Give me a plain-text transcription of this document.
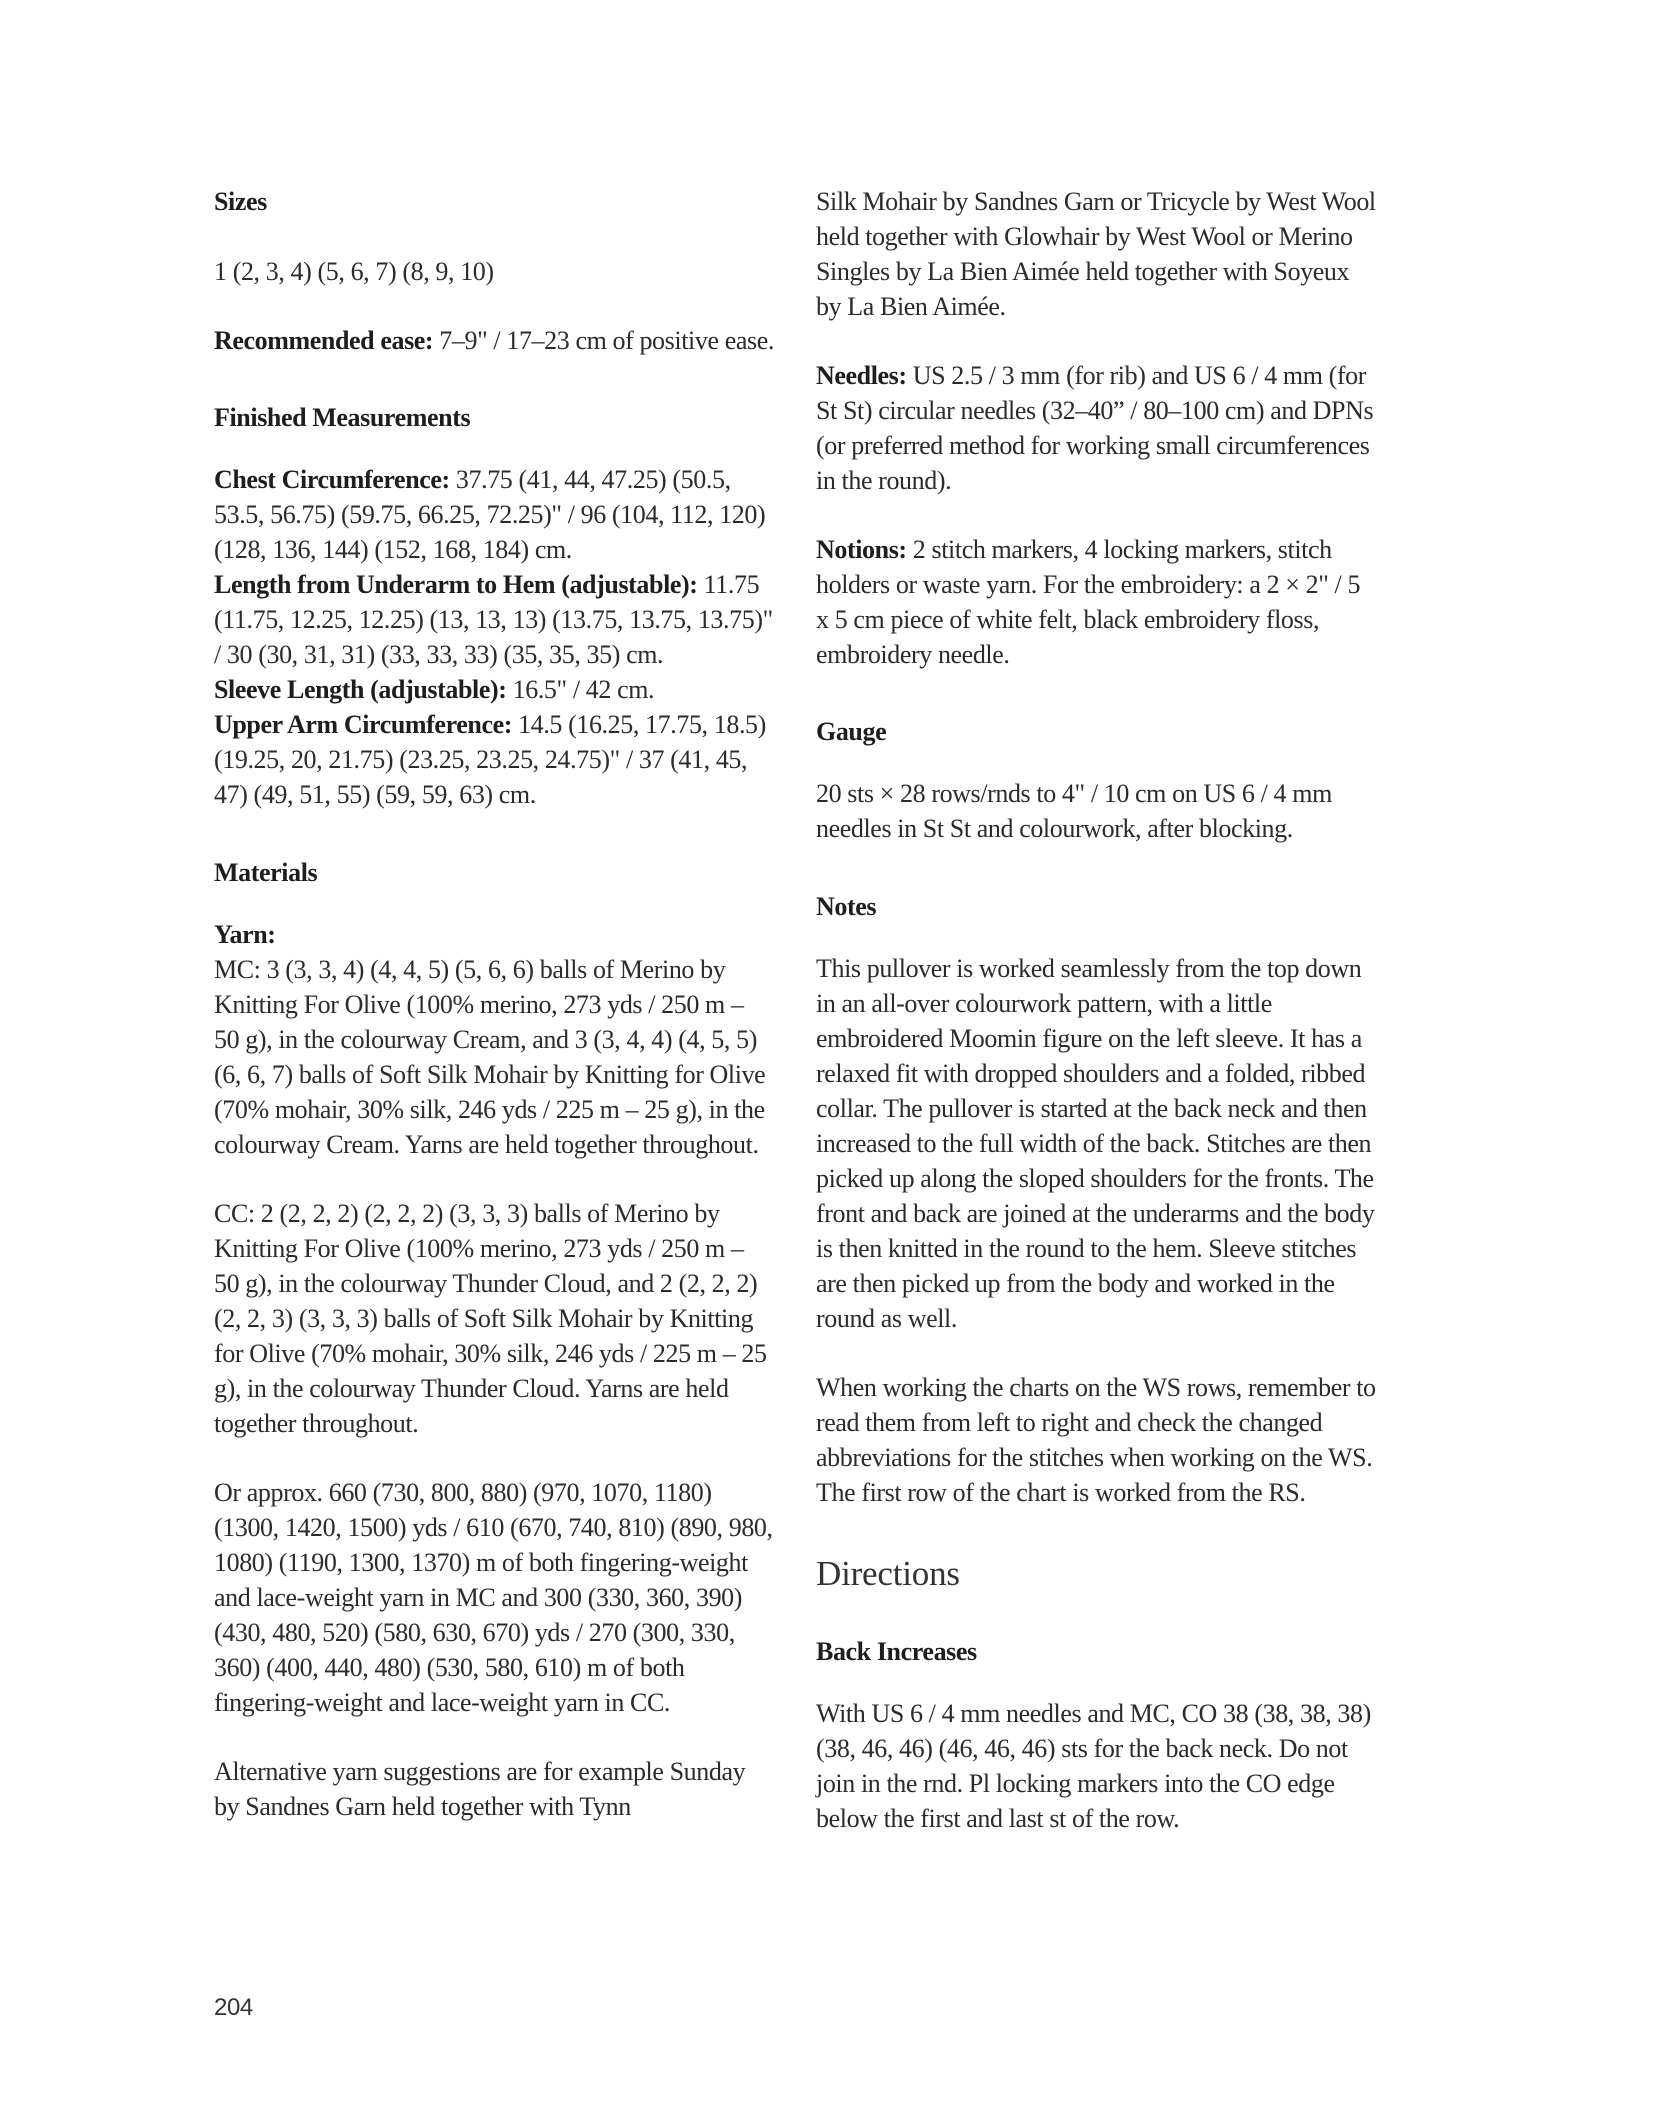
Sizes

1 (2, 3, 4) (5, 6, 7) (8, 9, 10)

Recommended ease: 7–9" / 17–23 cm of positive ease.

Finished Measurements

Chest Circumference: 37.75 (41, 44, 47.25) (50.5, 53.5, 56.75) (59.75, 66.25, 72.25)" / 96 (104, 112, 120) (128, 136, 144) (152, 168, 184) cm.

Length from Underarm to Hem (adjustable): 11.75 (11.75, 12.25, 12.25) (13, 13, 13) (13.75, 13.75, 13.75)" / 30 (30, 31, 31) (33, 33, 33) (35, 35, 35) cm.

Sleeve Length (adjustable): 16.5" / 42 cm.

Upper Arm Circumference: 14.5 (16.25, 17.75, 18.5) (19.25, 20, 21.75) (23.25, 23.25, 24.75)" / 37 (41, 45, 47) (49, 51, 55) (59, 59, 63) cm.

Materials

Yarn:

MC: 3 (3, 3, 4) (4, 4, 5) (5, 6, 6) balls of Merino by Knitting For Olive (100% merino, 273 yds / 250 m – 50 g), in the colourway Cream, and 3 (3, 4, 4) (4, 5, 5) (6, 6, 7) balls of Soft Silk Mohair by Knitting for Olive (70% mohair, 30% silk, 246 yds / 225 m – 25 g), in the colourway Cream. Yarns are held together throughout.

CC: 2 (2, 2, 2) (2, 2, 2) (3, 3, 3) balls of Merino by Knitting For Olive (100% merino, 273 yds / 250 m – 50 g), in the colourway Thunder Cloud, and 2 (2, 2, 2) (2, 2, 3) (3, 3, 3) balls of Soft Silk Mohair by Knitting for Olive (70% mohair, 30% silk, 246 yds / 225 m – 25 g), in the colourway Thunder Cloud. Yarns are held together throughout.

Or approx. 660 (730, 800, 880) (970, 1070, 1180) (1300, 1420, 1500) yds / 610 (670, 740, 810) (890, 980, 1080) (1190, 1300, 1370) m of both fingering-weight and lace-weight yarn in MC and 300 (330, 360, 390) (430, 480, 520) (580, 630, 670) yds / 270 (300, 330, 360) (400, 440, 480) (530, 580, 610) m of both fingering-weight and lace-weight yarn in CC.

Alternative yarn suggestions are for example Sunday by Sandnes Garn held together with Tynn

Silk Mohair by Sandnes Garn or Tricycle by West Wool held together with Glowhair by West Wool or Merino Singles by La Bien Aimée held together with Soyeux by La Bien Aimée.

Needles: US 2.5 / 3 mm (for rib) and US 6 / 4 mm (for St St) circular needles (32–40” / 80–100 cm) and DPNs (or preferred method for working small circumferences in the round).

Notions: 2 stitch markers, 4 locking markers, stitch holders or waste yarn. For the embroidery: a 2 × 2" / 5 x 5 cm piece of white felt, black embroidery floss, embroidery needle.

Gauge

20 sts × 28 rows/rnds to 4" / 10 cm on US 6 / 4 mm needles in St St and colourwork, after blocking.

Notes

This pullover is worked seamlessly from the top down in an all-over colourwork pattern, with a little embroidered Moomin figure on the left sleeve. It has a relaxed fit with dropped shoulders and a folded, ribbed collar. The pullover is started at the back neck and then increased to the full width of the back. Stitches are then picked up along the sloped shoulders for the fronts. The front and back are joined at the underarms and the body is then knitted in the round to the hem. Sleeve stitches are then picked up from the body and worked in the round as well.

When working the charts on the WS rows, remember to read them from left to right and check the changed abbreviations for the stitches when working on the WS. The first row of the chart is worked from the RS.

Directions

Back Increases

With US 6 / 4 mm needles and MC, CO 38 (38, 38, 38) (38, 46, 46) (46, 46, 46) sts for the back neck. Do not join in the rnd. Pl locking markers into the CO edge below the first and last st of the row.

204
